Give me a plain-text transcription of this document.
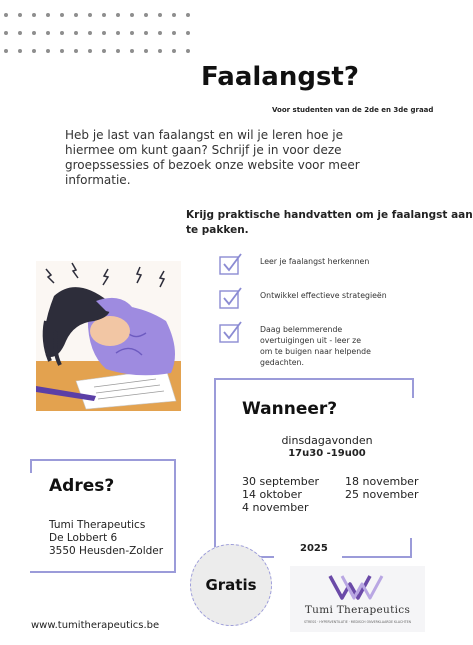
Faalangst?
Voor studenten van de 2de en 3de graad

Heb je last van faalangst en wil je leren hoe je hiermee om kunt gaan? Schrijf je in voor deze groepssessies of bezoek onze website voor meer informatie.

Krijg praktische handvatten om je faalangst aan
te pakken.
Leer je faalangst herkennen
Ontwikkel effectieve strategieën
Daag belemmerende overtuigingen uit - leer ze om te buigen naar helpende gedachten.
Wanneer?
dinsdagavonden
17u30 -19u00
30 september
14 oktober
4 november
18 november
25 november
2025
Adres?
Tumi Therapeutics
De Lobbert 6
3550 Heusden-Zolder
Gratis
Tumi Therapeutics
STRESS · HYPERVENTILATIE · MEDISCH ONVERKLAARDE KLACHTEN
www.tumitherapeutics.be
